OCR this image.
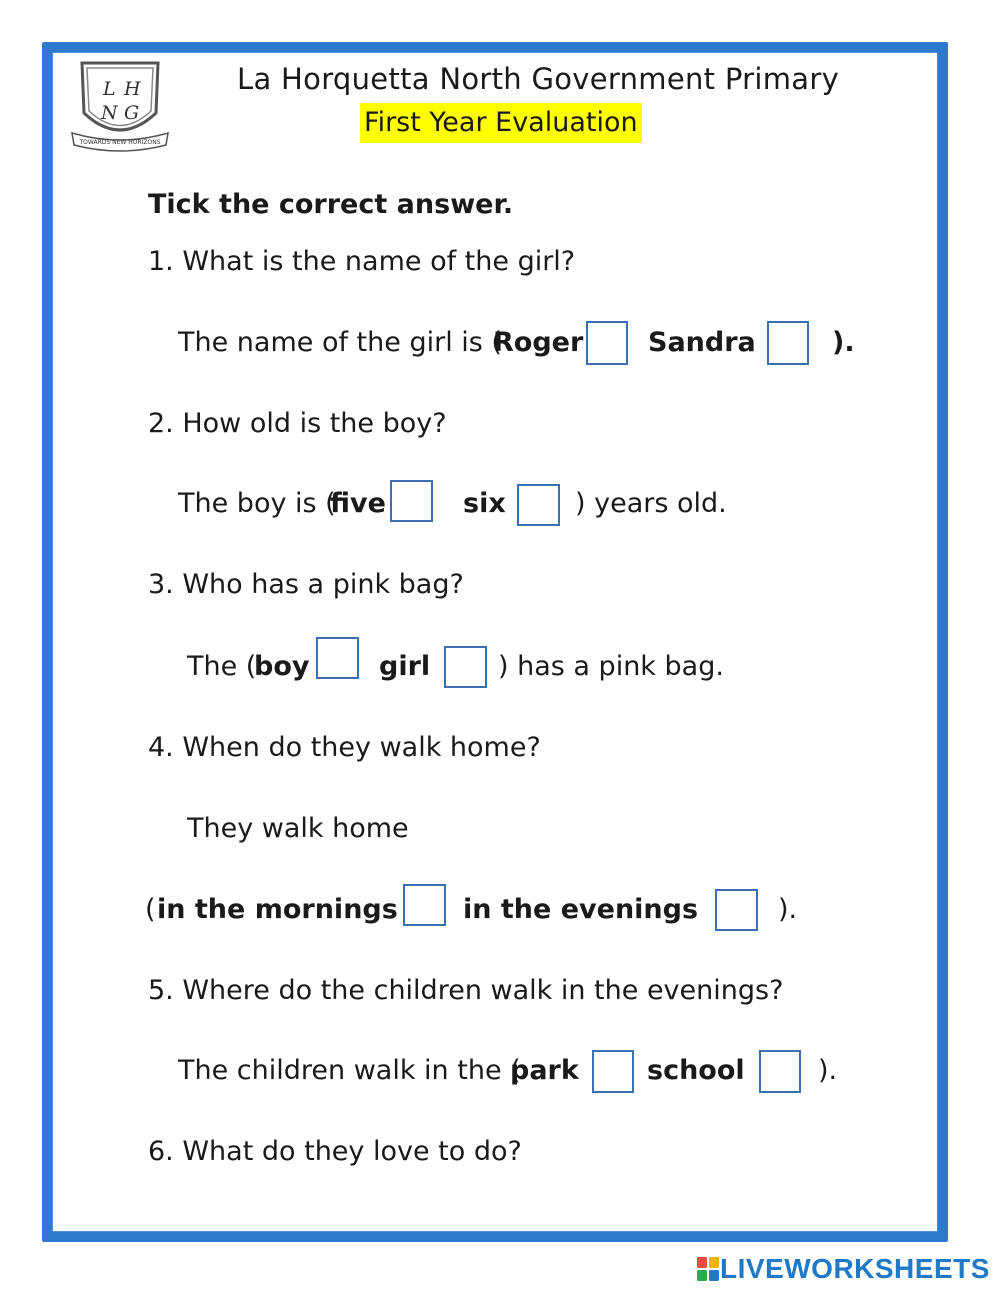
L H
N G
TOWARDS NEW HORIZONS
La Horquetta North Government Primary
First Year Evaluation
Tick the correct answer.
1. What is the name of the girl?
The name of the girl is (
Roger Sandra	).
2. How old is the boy?
The boy is (
five	six	) years old.
3. Who has a pink bag?
The (
boy	girl	) has a pink bag.
4. When do they walk home?
They walk home
( in the mornings in the evenings	).
5. Where do the children walk in the evenings?
The children walk in the (
park	school	).
6. What do they love to do?
LIVEWORKSHEETS
